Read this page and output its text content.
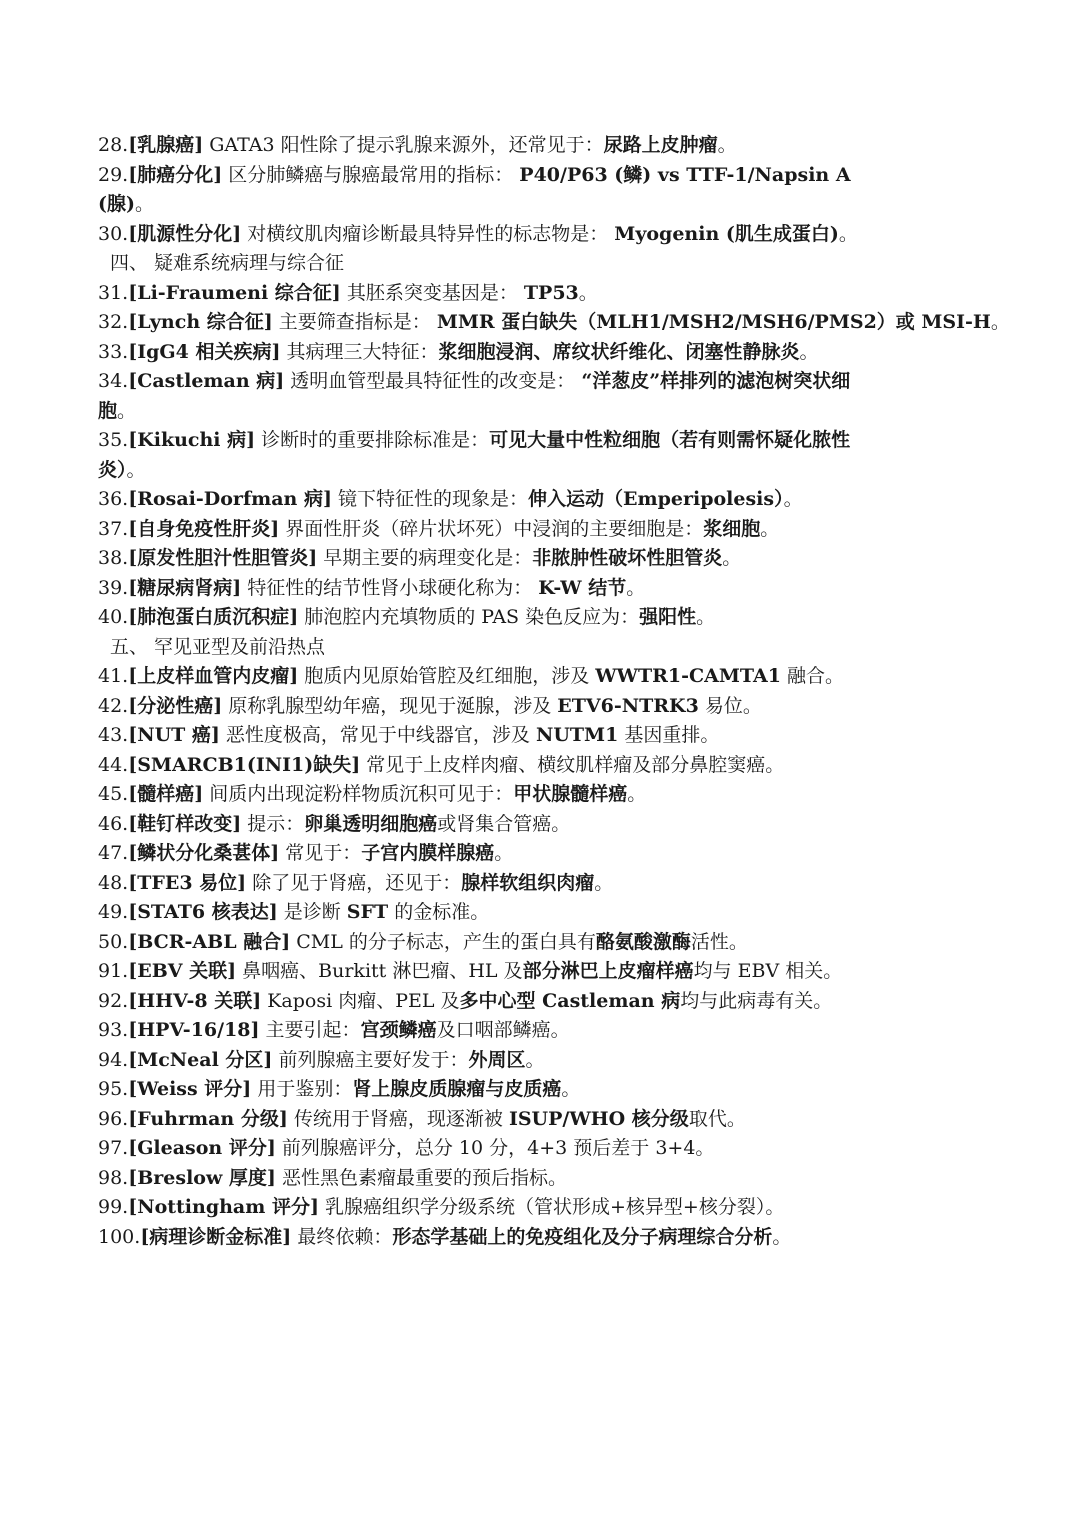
28.[乳腺癌] GATA3 阳性除了提示乳腺来源外，还常见于：尿路上皮肿瘤。
29.[肺癌分化] 区分肺鳞癌与腺癌最常用的指标： P40/P63 (鳞) vs TTF-1/Napsin A
(腺)。
30.[肌源性分化] 对横纹肌肉瘤诊断最具特异性的标志物是： Myogenin (肌生成蛋白)。
四、 疑难系统病理与综合征
31.[Li-Fraumeni 综合征] 其胚系突变基因是： TP53。
32.[Lynch 综合征] 主要筛查指标是： MMR 蛋白缺失（MLH1/MSH2/MSH6/PMS2）或 MSI-H。
33.[IgG4 相关疾病] 其病理三大特征：浆细胞浸润、席纹状纤维化、闭塞性静脉炎。
34.[Castleman 病] 透明血管型最具特征性的改变是： “洋葱皮”样排列的滤泡树突状细
胞。
35.[Kikuchi 病] 诊断时的重要排除标准是：可见大量中性粒细胞（若有则需怀疑化脓性
炎）。
36.[Rosai-Dorfman 病] 镜下特征性的现象是：伸入运动（Emperipolesis）。
37.[自身免疫性肝炎] 界面性肝炎（碎片状坏死）中浸润的主要细胞是：浆细胞。
38.[原发性胆汁性胆管炎] 早期主要的病理变化是：非脓肿性破坏性胆管炎。
39.[糖尿病肾病] 特征性的结节性肾小球硬化称为： K-W 结节。
40.[肺泡蛋白质沉积症] 肺泡腔内充填物质的 PAS 染色反应为：强阳性。
五、 罕见亚型及前沿热点
41.[上皮样血管内皮瘤] 胞质内见原始管腔及红细胞，涉及 WWTR1-CAMTA1 融合。
42.[分泌性癌] 原称乳腺型幼年癌，现见于涎腺，涉及 ETV6-NTRK3 易位。
43.[NUT 癌] 恶性度极高，常见于中线器官，涉及 NUTM1 基因重排。
44.[SMARCB1(INI1)缺失] 常见于上皮样肉瘤、横纹肌样瘤及部分鼻腔窦癌。
45.[髓样癌] 间质内出现淀粉样物质沉积可见于：甲状腺髓样癌。
46.[鞋钉样改变] 提示：卵巢透明细胞癌或肾集合管癌。
47.[鳞状分化桑葚体] 常见于：子宫内膜样腺癌。
48.[TFE3 易位] 除了见于肾癌，还见于：腺样软组织肉瘤。
49.[STAT6 核表达] 是诊断 SFT 的金标准。
50.[BCR-ABL 融合] CML 的分子标志，产生的蛋白具有酪氨酸激酶活性。
91.[EBV 关联] 鼻咽癌、Burkitt 淋巴瘤、HL 及部分淋巴上皮瘤样癌均与 EBV 相关。
92.[HHV-8 关联] Kaposi 肉瘤、PEL 及多中心型 Castleman 病均与此病毒有关。
93.[HPV-16/18] 主要引起：宫颈鳞癌及口咽部鳞癌。
94.[McNeal 分区] 前列腺癌主要好发于：外周区。
95.[Weiss 评分] 用于鉴别：肾上腺皮质腺瘤与皮质癌。
96.[Fuhrman 分级] 传统用于肾癌，现逐渐被 ISUP/WHO 核分级取代。
97.[Gleason 评分] 前列腺癌评分，总分 10 分，4+3 预后差于 3+4。
98.[Breslow 厚度] 恶性黑色素瘤最重要的预后指标。
99.[Nottingham 评分] 乳腺癌组织学分级系统（管状形成+核异型+核分裂）。
100.[病理诊断金标准] 最终依赖：形态学基础上的免疫组化及分子病理综合分析。
